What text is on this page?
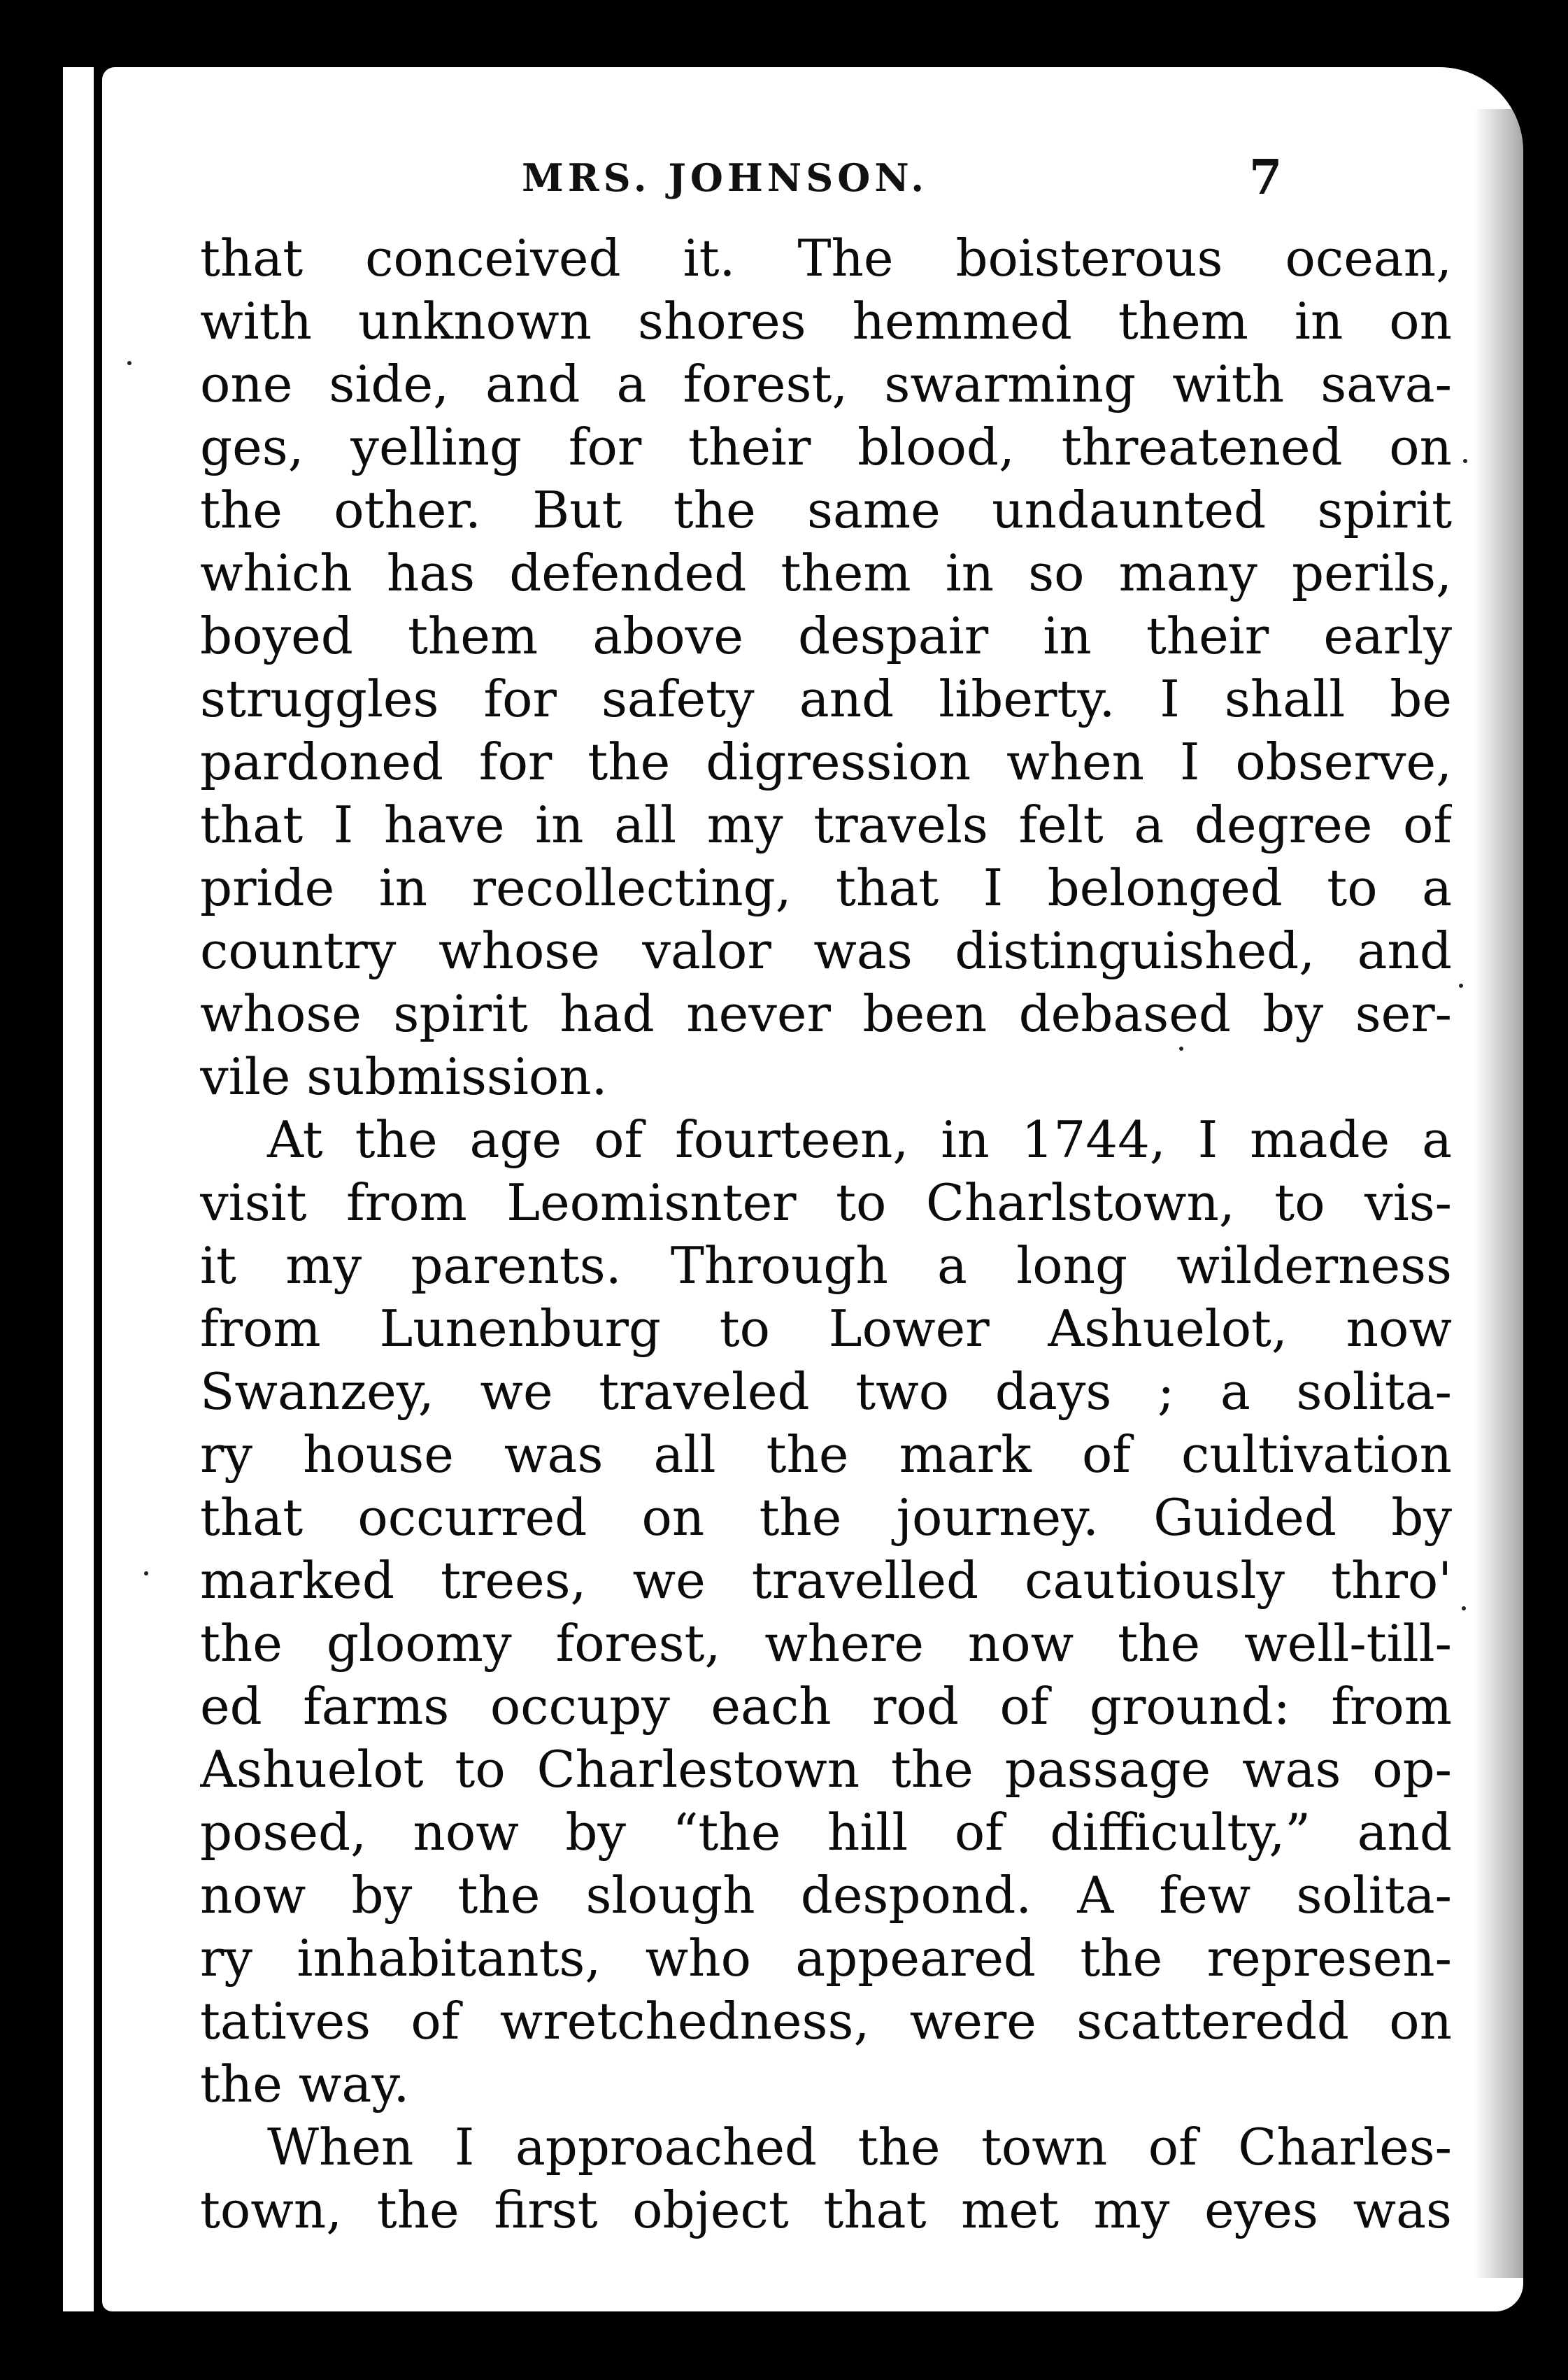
MRS. JOHNSON.	7
that conceived it. The boisterous ocean,
with unknown shores hemmed them in on
one side, and a forest, swarming with sava-
ges, yelling for their blood, threatened on
the other. But the same undaunted spirit
which has defended them in so many perils,
boyed them above despair in their early
struggles for safety and liberty. I shall be
pardoned for the digression when I observe,
that I have in all my travels felt a degree of
pride in recollecting, that I belonged to a
country whose valor was distinguished, and
whose spirit had never been debased by ser-
vile submission.
At the age of fourteen, in 1744, I made a
visit from Leomisnter to Charlstown, to vis-
it my parents. Through a long wilderness
from Lunenburg to Lower Ashuelot, now
Swanzey, we traveled two days ; a solita-
ry house was all the mark of cultivation
that occurred on the journey. Guided by
marked trees, we travelled cautiously thro'
the gloomy forest, where now the well-till-
ed farms occupy each rod of ground: from
Ashuelot to Charlestown the passage was op-
posed, now by “the hill of difficulty,” and
now by the slough despond. A few solita-
ry inhabitants, who appeared the represen-
tatives of wretchedness, were scatteredd on
the way.
When I approached the town of Charles-
town, the first object that met my eyes was
